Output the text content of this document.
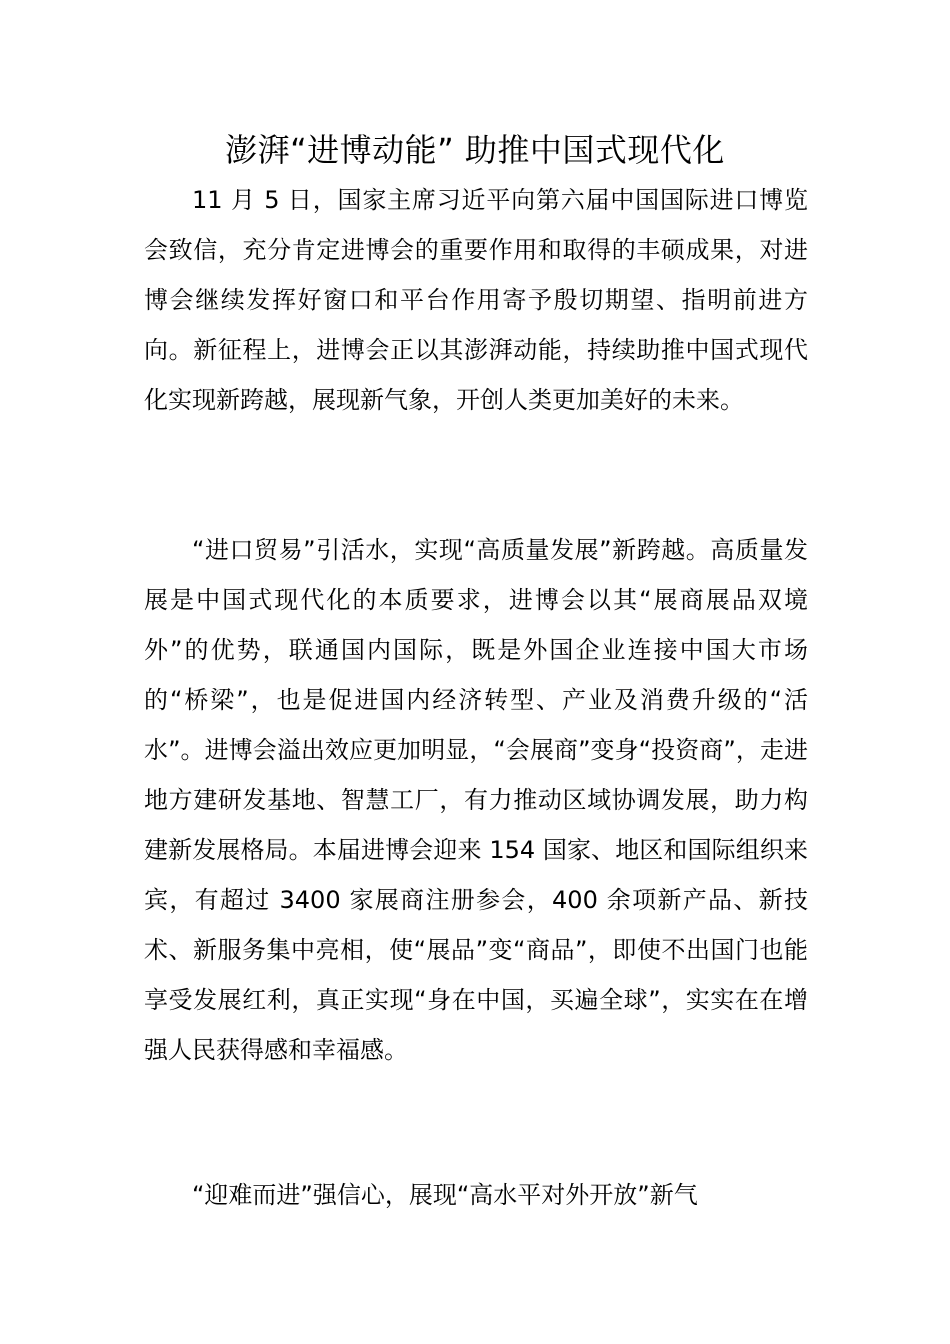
澎湃“进博动能” 助推中国式现代化

11 月 5 日，国家主席习近平向第六届中国国际进口博览会致信，充分肯定进博会的重要作用和取得的丰硕成果，对进博会继续发挥好窗口和平台作用寄予殷切期望、指明前进方向。新征程上，进博会正以其澎湃动能，持续助推中国式现代化实现新跨越，展现新气象，开创人类更加美好的未来。

“进口贸易”引活水，实现“高质量发展”新跨越。高质量发展是中国式现代化的本质要求，进博会以其“展商展品双境外”的优势，联通国内国际，既是外国企业连接中国大市场的“桥梁”，也是促进国内经济转型、产业及消费升级的“活水”。进博会溢出效应更加明显，“会展商”变身“投资商”，走进地方建研发基地、智慧工厂，有力推动区域协调发展，助力构建新发展格局。本届进博会迎来 154 国家、地区和国际组织来宾，有超过 3400 家展商注册参会，400 余项新产品、新技术、新服务集中亮相，使“展品”变“商品”，即使不出国门也能享受发展红利，真正实现“身在中国，买遍全球”，实实在在增强人民获得感和幸福感。

“迎难而进”强信心，展现“高水平对外开放”新气
